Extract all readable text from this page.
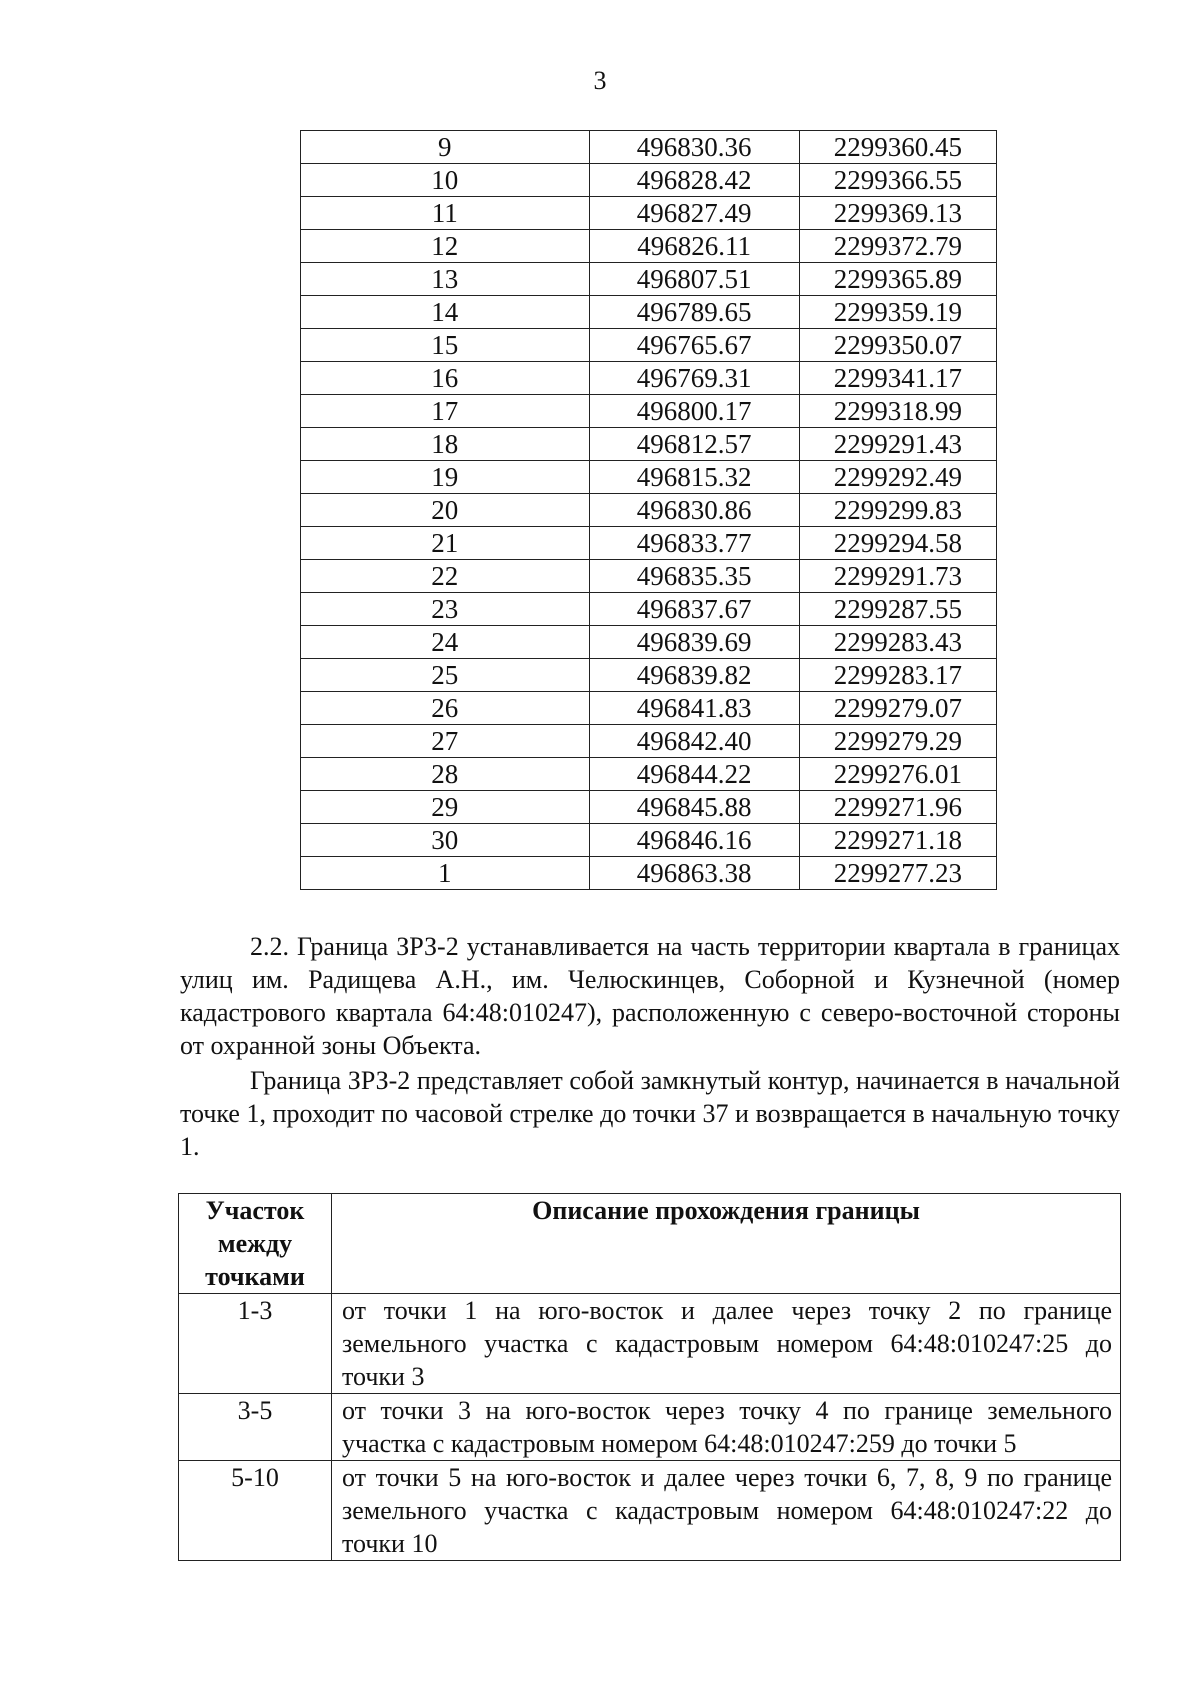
3
9	496830.36	2299360.45
10	496828.42	2299366.55
11	496827.49	2299369.13
12	496826.11	2299372.79
13	496807.51	2299365.89
14	496789.65	2299359.19
15	496765.67	2299350.07
16	496769.31	2299341.17
17	496800.17	2299318.99
18	496812.57	2299291.43
19	496815.32	2299292.49
20	496830.86	2299299.83
21	496833.77	2299294.58
22	496835.35	2299291.73
23	496837.67	2299287.55
24	496839.69	2299283.43
25	496839.82	2299283.17
26	496841.83	2299279.07
27	496842.40	2299279.29
28	496844.22	2299276.01
29	496845.88	2299271.96
30	496846.16	2299271.18
1	496863.38	2299277.23

2.2. Граница ЗРЗ-2 устанавливается на часть территории квартала в границах улиц им. Радищева А.Н., им. Челюскинцев, Соборной и Кузнечной (номер кадастрового квартала 64:48:010247), расположенную с северо-восточной стороны от охранной зоны Объекта.

Граница ЗРЗ-2 представляет собой замкнутый контур, начинается в начальной точке 1, проходит по часовой стрелке до точки 37 и возвращается в начальную точку 1.

Участок между точками	Описание прохождения границы
1-3	от точки 1 на юго-восток и далее через точку 2 по границе земельного участка с кадастровым номером 64:48:010247:25 до точки 3
3-5	от точки 3 на юго-восток через точку 4 по границе земельного участка с кадастровым номером 64:48:010247:259 до точки 5
5-10	от точки 5 на юго-восток и далее через точки 6, 7, 8, 9 по границе земельного участка с кадастровым номером 64:48:010247:22 до точки 10
